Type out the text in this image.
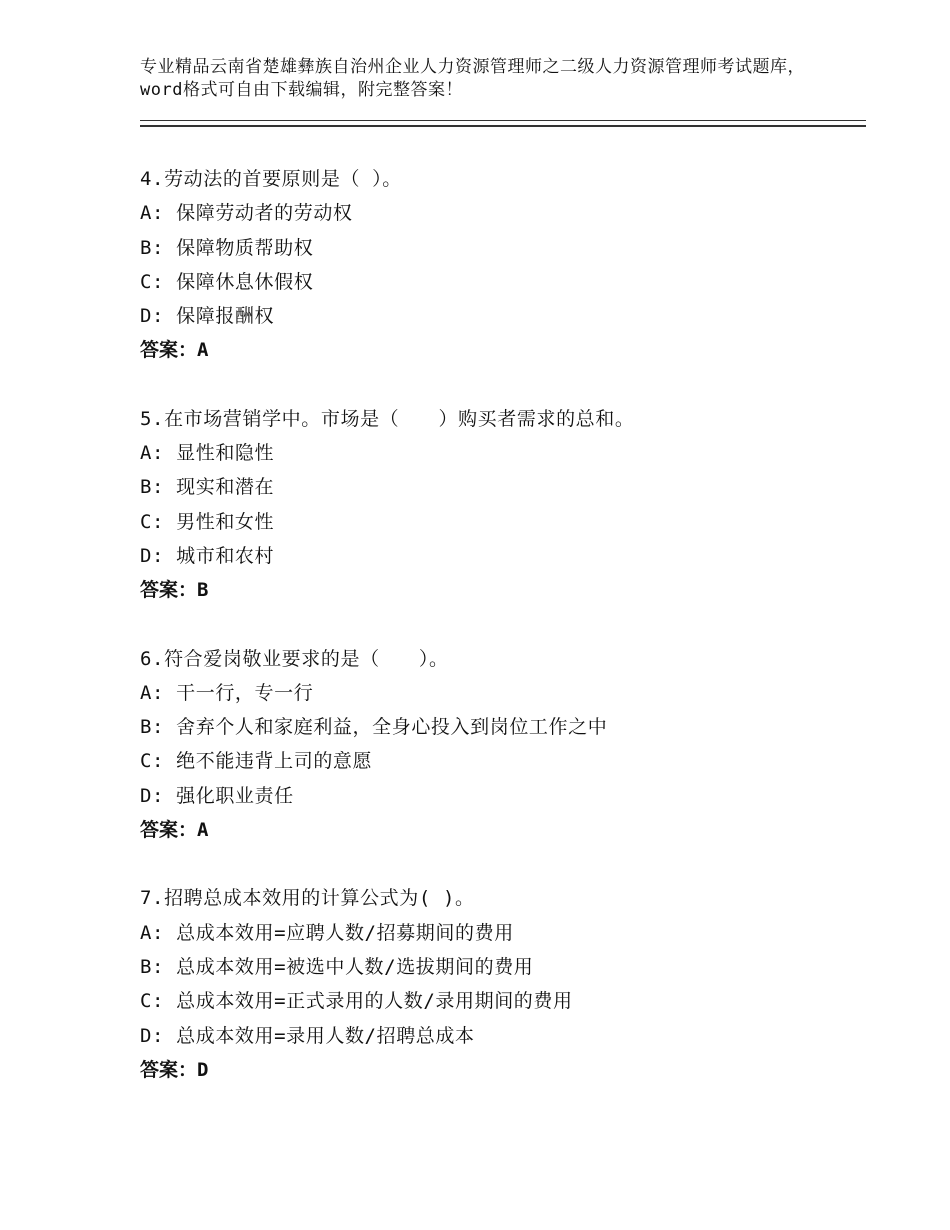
专业精品云南省楚雄彝族自治州企业人力资源管理师之二级人力资源管理师考试题库，word格式可自由下载编辑，附完整答案！
4.劳动法的首要原则是（ ）。
A: 保障劳动者的劳动权
B: 保障物质帮助权
C: 保障休息休假权
D: 保障报酬权
答案：A
5.在市场营销学中。市场是（　　）购买者需求的总和。
A: 显性和隐性
B: 现实和潜在
C: 男性和女性
D: 城市和农村
答案：B
6.符合爱岗敬业要求的是（　　）。
A: 干一行，专一行
B: 舍弃个人和家庭利益，全身心投入到岗位工作之中
C: 绝不能违背上司的意愿
D: 强化职业责任
答案：A
7.招聘总成本效用的计算公式为( )。
A: 总成本效用=应聘人数/招募期间的费用
B: 总成本效用=被选中人数/选拔期间的费用
C: 总成本效用=正式录用的人数/录用期间的费用
D: 总成本效用=录用人数/招聘总成本
答案：D
